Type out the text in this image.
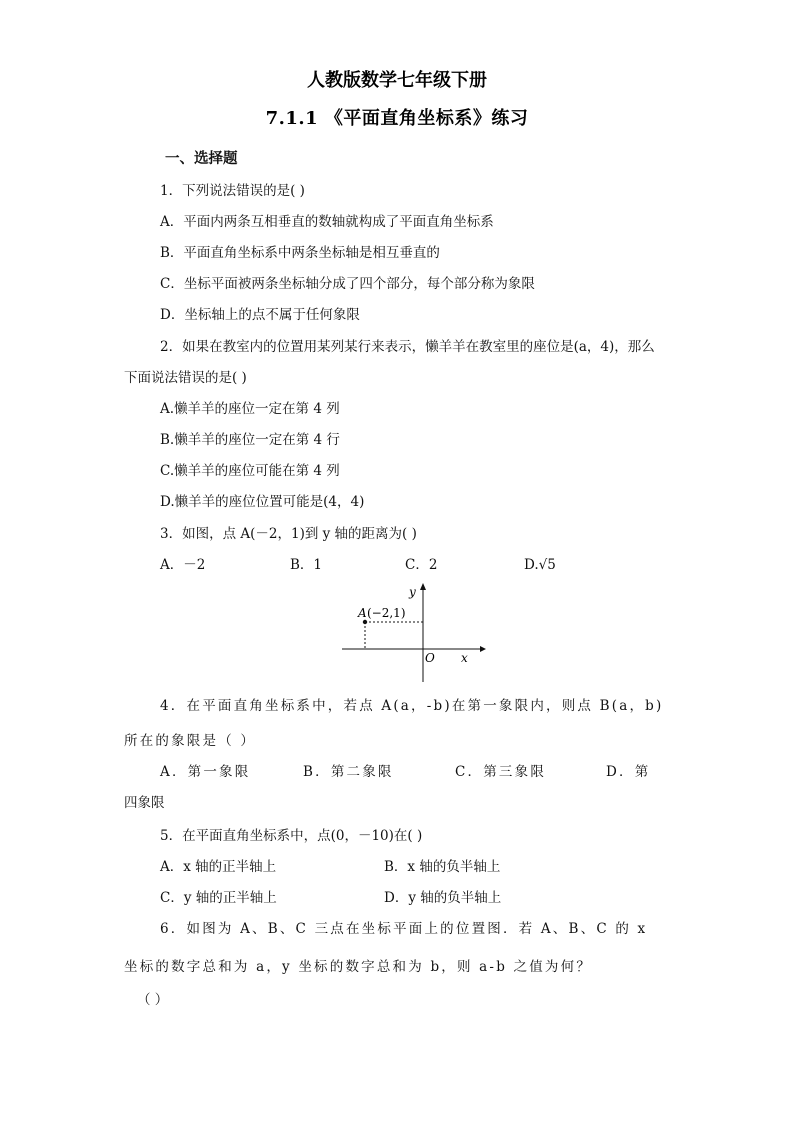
人教版数学七年级下册
7.1.1 《平面直角坐标系》练习
一、选择题
1．下列说法错误的是( )
A．平面内两条互相垂直的数轴就构成了平面直角坐标系
B．平面直角坐标系中两条坐标轴是相互垂直的
C．坐标平面被两条坐标轴分成了四个部分，每个部分称为象限
D．坐标轴上的点不属于任何象限
2．如果在教室内的位置用某列某行来表示，懒羊羊在教室里的座位是(a，4)，那么
下面说法错误的是( )
A.懒羊羊的座位一定在第 4 列
B.懒羊羊的座位一定在第 4 行
C.懒羊羊的座位可能在第 4 列
D.懒羊羊的座位位置可能是(4，4)
3．如图，点 A(－2，1)到 y 轴的距离为( )
A．－2	B．1	C．2	D.√5
A (−2,1)
y
x
O
4．在平面直角坐标系中，若点 A(a，-b)在第一象限内，则点 B(a，b)
所在的象限是（ ）
A．第一象限	B．第二象限	C．第三象限	D．第
四象限
5．在平面直角坐标系中，点(0，－10)在( )
A．x 轴的正半轴上	B．x 轴的负半轴上
C．y 轴的正半轴上	D．y 轴的负半轴上
6．如图为 A、B、C 三点在坐标平面上的位置图．若 A、B、C 的 x
坐标的数字总和为 a，y 坐标的数字总和为 b，则 a-b 之值为何？
（ ）
